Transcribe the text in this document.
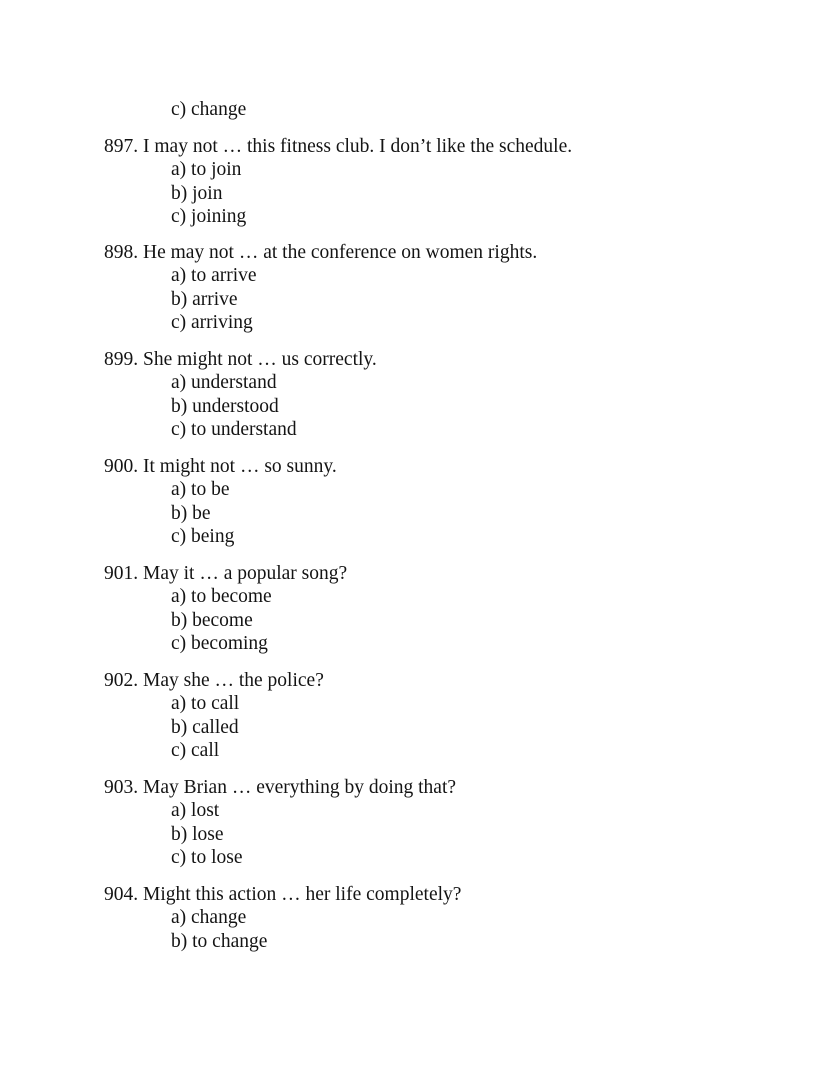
c) change
897. I may not … this fitness club. I don’t like the schedule.
a) to join
b) join
c) joining
898. He may not … at the conference on women rights.
a) to arrive
b) arrive
c) arriving
899. She might not … us correctly.
a) understand
b) understood
c) to understand
900. It might not … so sunny.
a) to be
b) be
c) being
901. May it … a popular song?
a) to become
b) become
c) becoming
902. May she … the police?
a) to call
b) called
c) call
903. May Brian … everything by doing that?
a) lost
b) lose
c) to lose
904. Might this action … her life completely?
a) change
b) to change
